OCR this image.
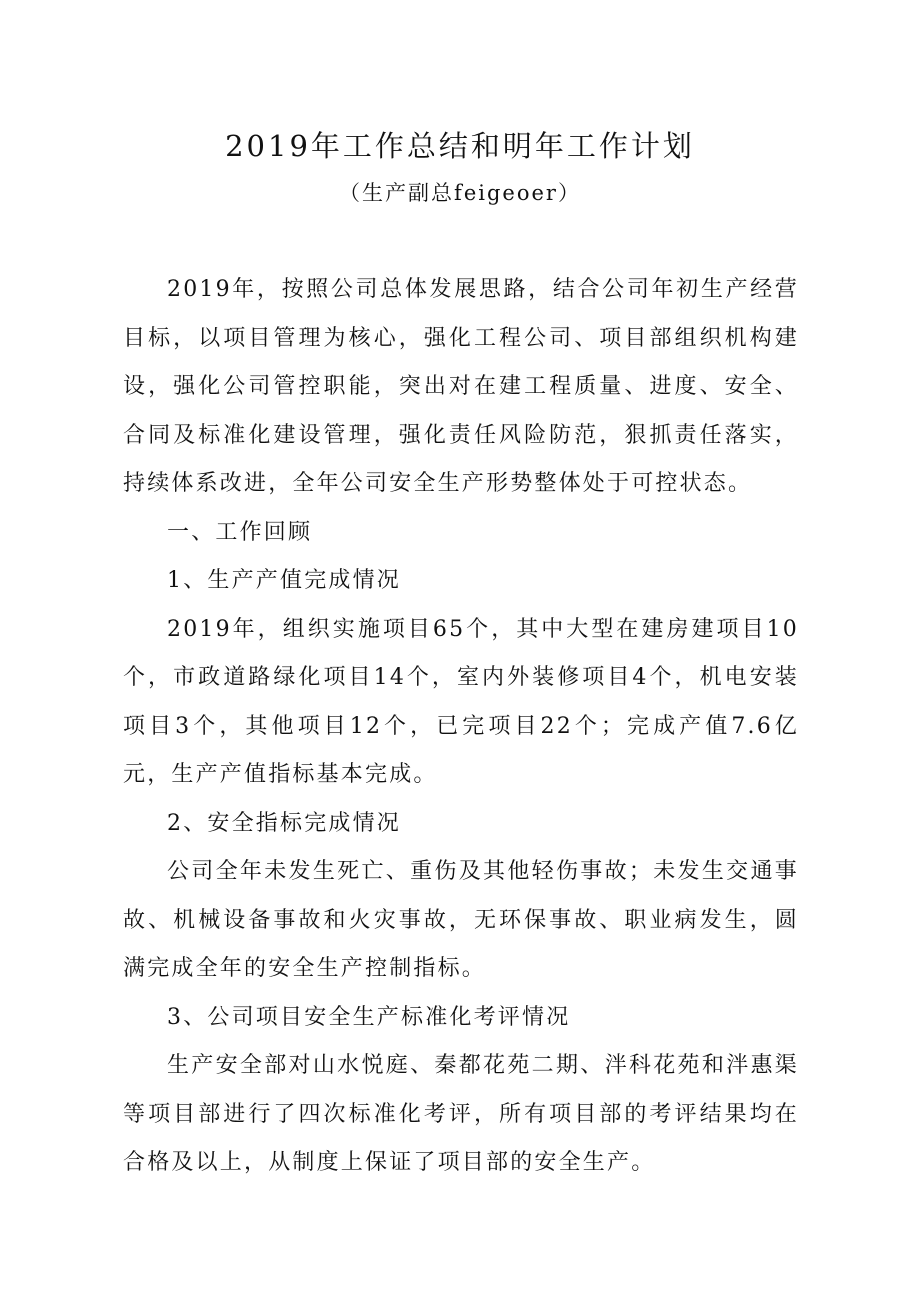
2019年工作总结和明年工作计划
（生产副总feigeoer）

2019年，按照公司总体发展思路，结合公司年初生产经营目标，以项目管理为核心，强化工程公司、项目部组织机构建设，强化公司管控职能，突出对在建工程质量、进度、安全、合同及标准化建设管理，强化责任风险防范，狠抓责任落实，持续体系改进，全年公司安全生产形势整体处于可控状态。

一、工作回顾

1、生产产值完成情况

2019年，组织实施项目65个，其中大型在建房建项目10个，市政道路绿化项目14个，室内外装修项目4个，机电安装项目3个，其他项目12个，已完项目22个；完成产值7.6亿元，生产产值指标基本完成。

2、安全指标完成情况

公司全年未发生死亡、重伤及其他轻伤事故；未发生交通事故、机械设备事故和火灾事故，无环保事故、职业病发生，圆满完成全年的安全生产控制指标。

3、公司项目安全生产标准化考评情况

生产安全部对山水悦庭、秦都花苑二期、泮科花苑和泮惠渠等项目部进行了四次标准化考评，所有项目部的考评结果均在合格及以上，从制度上保证了项目部的安全生产。
